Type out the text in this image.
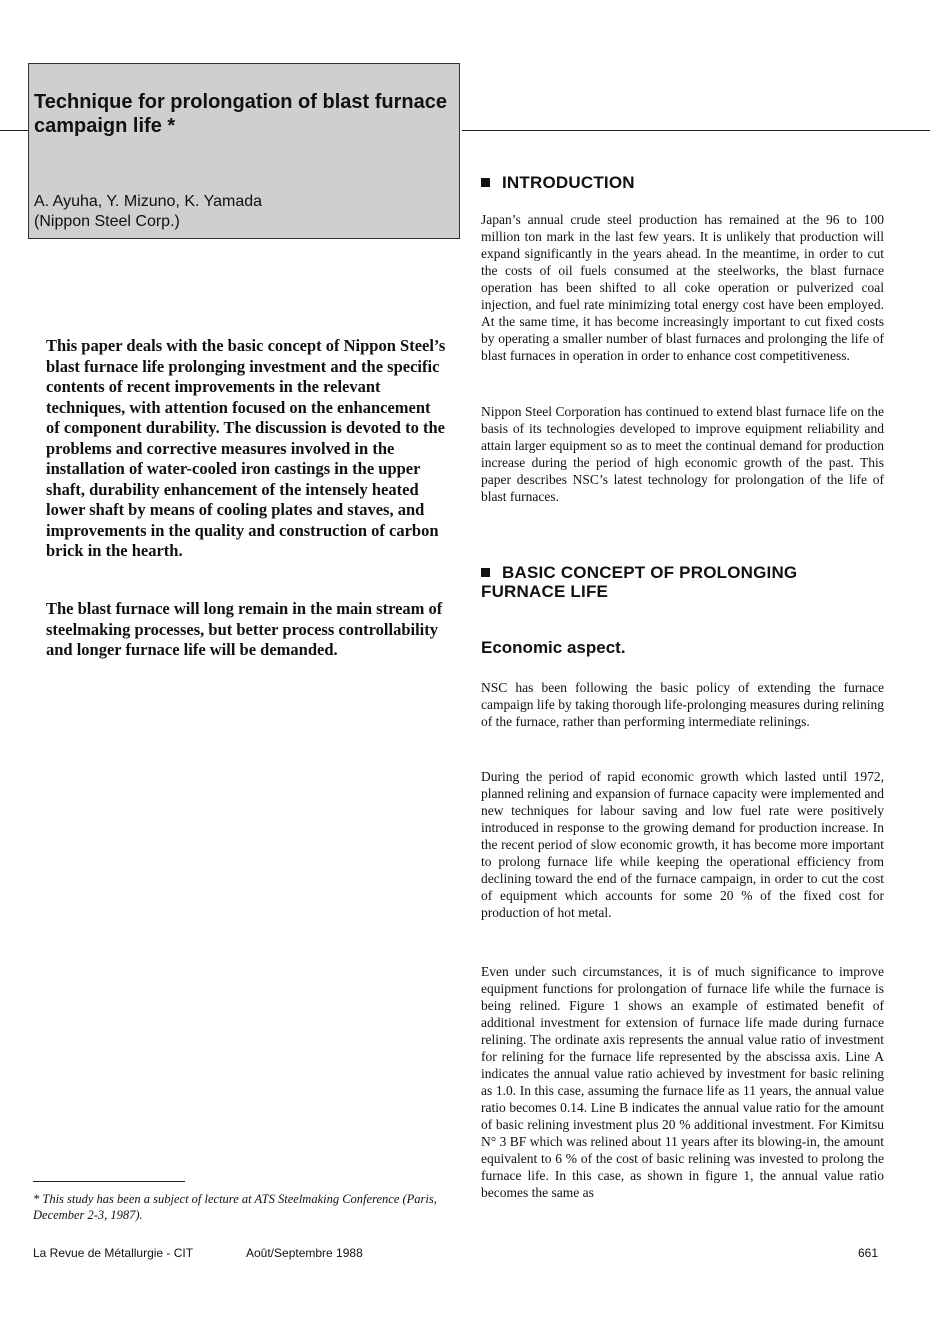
Technique for prolongation of blast furnace campaign life *
A. Ayuha, Y. Mizuno, K. Yamada
(Nippon Steel Corp.)

This paper deals with the basic concept of Nippon Steel’s blast furnace life prolonging investment and the specific contents of recent improvements in the relevant techniques, with attention focused on the enhancement of component durability. The discussion is devoted to the problems and corrective measures involved in the installation of water-cooled iron castings in the upper shaft, durability enhancement of the intensely heated lower shaft by means of cooling plates and staves, and improvements in the quality and construction of carbon brick in the hearth.

The blast furnace will long remain in the main stream of steelmaking processes, but better process controllability and longer furnace life will be demanded.

* This study has been a subject of lecture at ATS Steelmaking Conference (Paris, December 2-3, 1987).
La Revue de Métallurgie - CIT	Août/Septembre 1988	661
INTRODUCTION

Japan’s annual crude steel production has remained at the 96 to 100 million ton mark in the last few years. It is unlikely that production will expand significantly in the years ahead. In the meantime, in order to cut the costs of oil fuels consumed at the steelworks, the blast furnace operation has been shifted to all coke operation or pulverized coal injection, and fuel rate minimizing total energy cost have been employed. At the same time, it has become increasingly important to cut fixed costs by operating a smaller number of blast furnaces and prolonging the life of blast furnaces in operation in order to enhance cost competitiveness.

Nippon Steel Corporation has continued to extend blast furnace life on the basis of its technologies developed to improve equipment reliability and attain larger equipment so as to meet the continual demand for production increase during the period of high economic growth of the past. This paper describes NSC’s latest technology for prolongation of the life of blast furnaces.

BASIC CONCEPT OF PROLONGING FURNACE LIFE
Economic aspect.

NSC has been following the basic policy of extending the furnace campaign life by taking thorough life-prolonging measures during relining of the furnace, rather than performing intermediate relinings.

During the period of rapid economic growth which lasted until 1972, planned relining and expansion of furnace capacity were implemented and new techniques for labour saving and low fuel rate were positively introduced in response to the growing demand for production increase. In the recent period of slow economic growth, it has become more important to prolong furnace life while keeping the operational efficiency from declining toward the end of the furnace campaign, in order to cut the cost of equipment which accounts for some 20 % of the fixed cost for production of hot metal.

Even under such circumstances, it is of much significance to improve equipment functions for prolongation of furnace life while the furnace is being relined. Figure 1 shows an example of estimated benefit of additional investment for extension of furnace life made during furnace relining. The ordinate axis represents the annual value ratio of investment for relining for the furnace life represented by the abscissa axis. Line A indicates the annual value ratio achieved by investment for basic relining as 1.0. In this case, assuming the furnace life as 11 years, the annual value ratio becomes 0.14. Line B indicates the annual value ratio for the amount of basic relining investment plus 20 % additional investment. For Kimitsu N° 3 BF which was relined about 11 years after its blowing-in, the amount equivalent to 6 % of the cost of basic relining was invested to prolong the furnace life. In this case, as shown in figure 1, the annual value ratio becomes the same as
